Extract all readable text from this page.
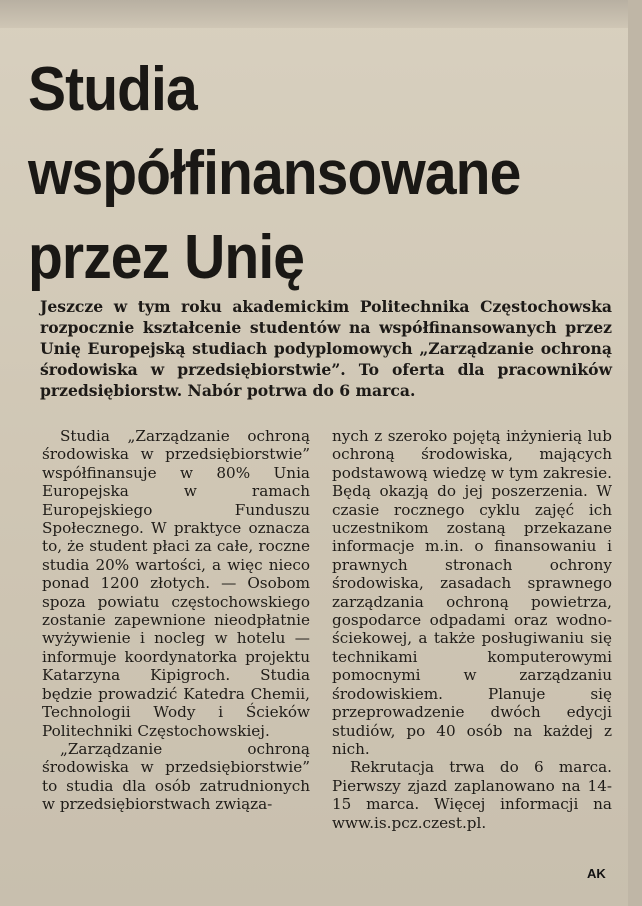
Studia
współfinansowane
przez Unię
Jeszcze w tym roku akademickim Politechnika Częstochowska rozpocznie kształcenie studentów na współfinansowanych przez Unię Europejską studiach podyplomowych „Zarządzanie ochroną środowiska w przedsiębiorstwie”. To oferta dla pracowników przedsiębiorstw. Nabór potrwa do 6 marca.

Studia „Zarządzanie ochroną środowiska w przedsiębiorstwie” współfinansuje w 80% Unia Europejska w ramach Europejskiego Funduszu Społecznego. W praktyce oznacza to, że student płaci za całe, roczne studia 20% wartości, a więc nieco ponad 1200 złotych. — Osobom spoza powiatu częstochowskiego zostanie zapewnione nieodpłatnie wyżywienie i nocleg w hotelu — informuje koordynatorka projektu Katarzyna Kipigroch. Studia będzie prowadzić Katedra Chemii, Technologii Wody i Ścieków Politechniki Częstochowskiej.

„Zarządzanie ochroną środowiska w przedsiębiorstwie” to studia dla osób zatrudnionych w przedsiębiorstwach związa-

nych z szeroko pojętą inżynierią lub ochroną środowiska, mających podstawową wiedzę w tym zakresie. Będą okazją do jej poszerzenia. W czasie rocznego cyklu zajęć ich uczestnikom zostaną przekazane informacje m.in. o finansowaniu i prawnych stronach ochrony środowiska, zasadach sprawnego zarządzania ochroną powietrza, gospodarce odpadami oraz wodno-ściekowej, a także posługiwaniu się technikami komputerowymi pomocnymi w zarządzaniu środowiskiem. Planuje się przeprowadzenie dwóch edycji studiów, po 40 osób na każdej z nich.

Rekrutacja trwa do 6 marca. Pierwszy zjazd zaplanowano na 14-15 marca. Więcej informacji na www.is.pcz.czest.pl.

AK
